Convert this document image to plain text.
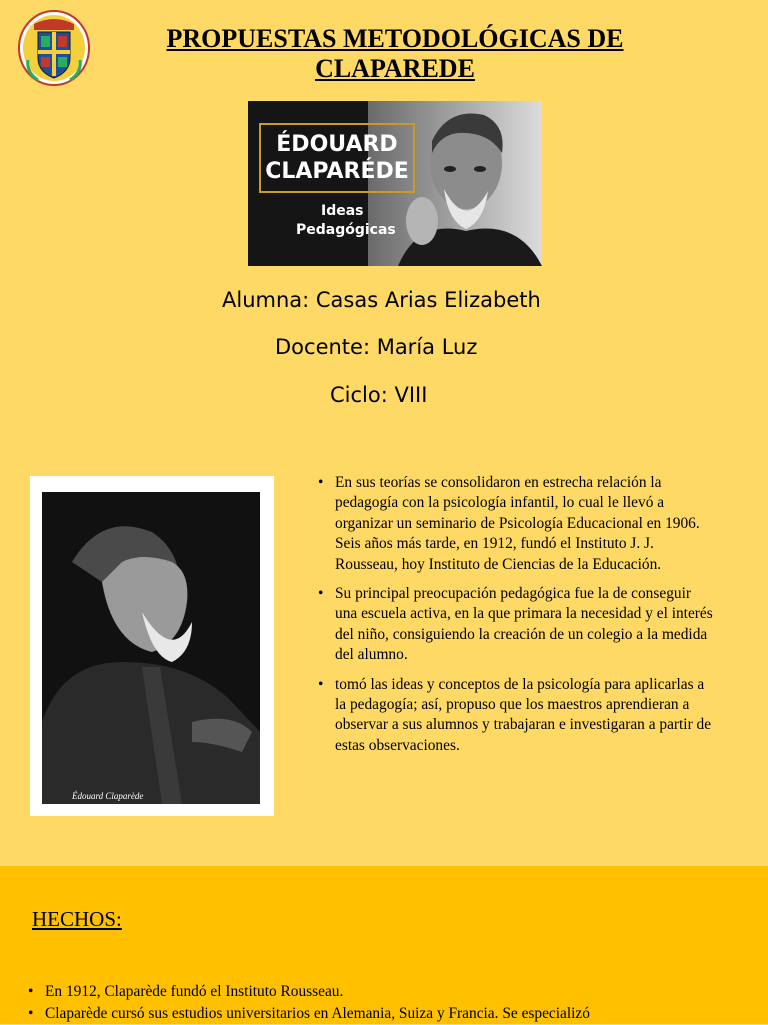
PROPUESTAS METODOLÓGICAS DE CLAPAREDE
ÉDOUARD
CLAPARÉDE
Ideas
Pedagógicas
Alumna: Casas Arias Elizabeth
Docente: María Luz
Ciclo: VIII
Édouard Claparède
• En sus teorías se consolidaron en estrecha relación la pedagogía con la psicología infantil, lo cual le llevó a organizar un seminario de Psicología Educacional en 1906. Seis años más tarde, en 1912, fundó el Instituto J. J. Rousseau, hoy Instituto de Ciencias de la Educación.
• Su principal preocupación pedagógica fue la de conseguir una escuela activa, en la que primara la necesidad y el interés del niño, consiguiendo la creación de un colegio a la medida del alumno.
• tomó las ideas y conceptos de la psicología para aplicarlas a la pedagogía; así, propuso que los maestros aprendieran a observar a sus alumnos y trabajaran e investigaran a partir de estas observaciones.
HECHOS:
• En 1912, Claparède fundó el Instituto Rousseau.
• Claparède cursó sus estudios universitarios en Alemania, Suiza y Francia. Se especializó
